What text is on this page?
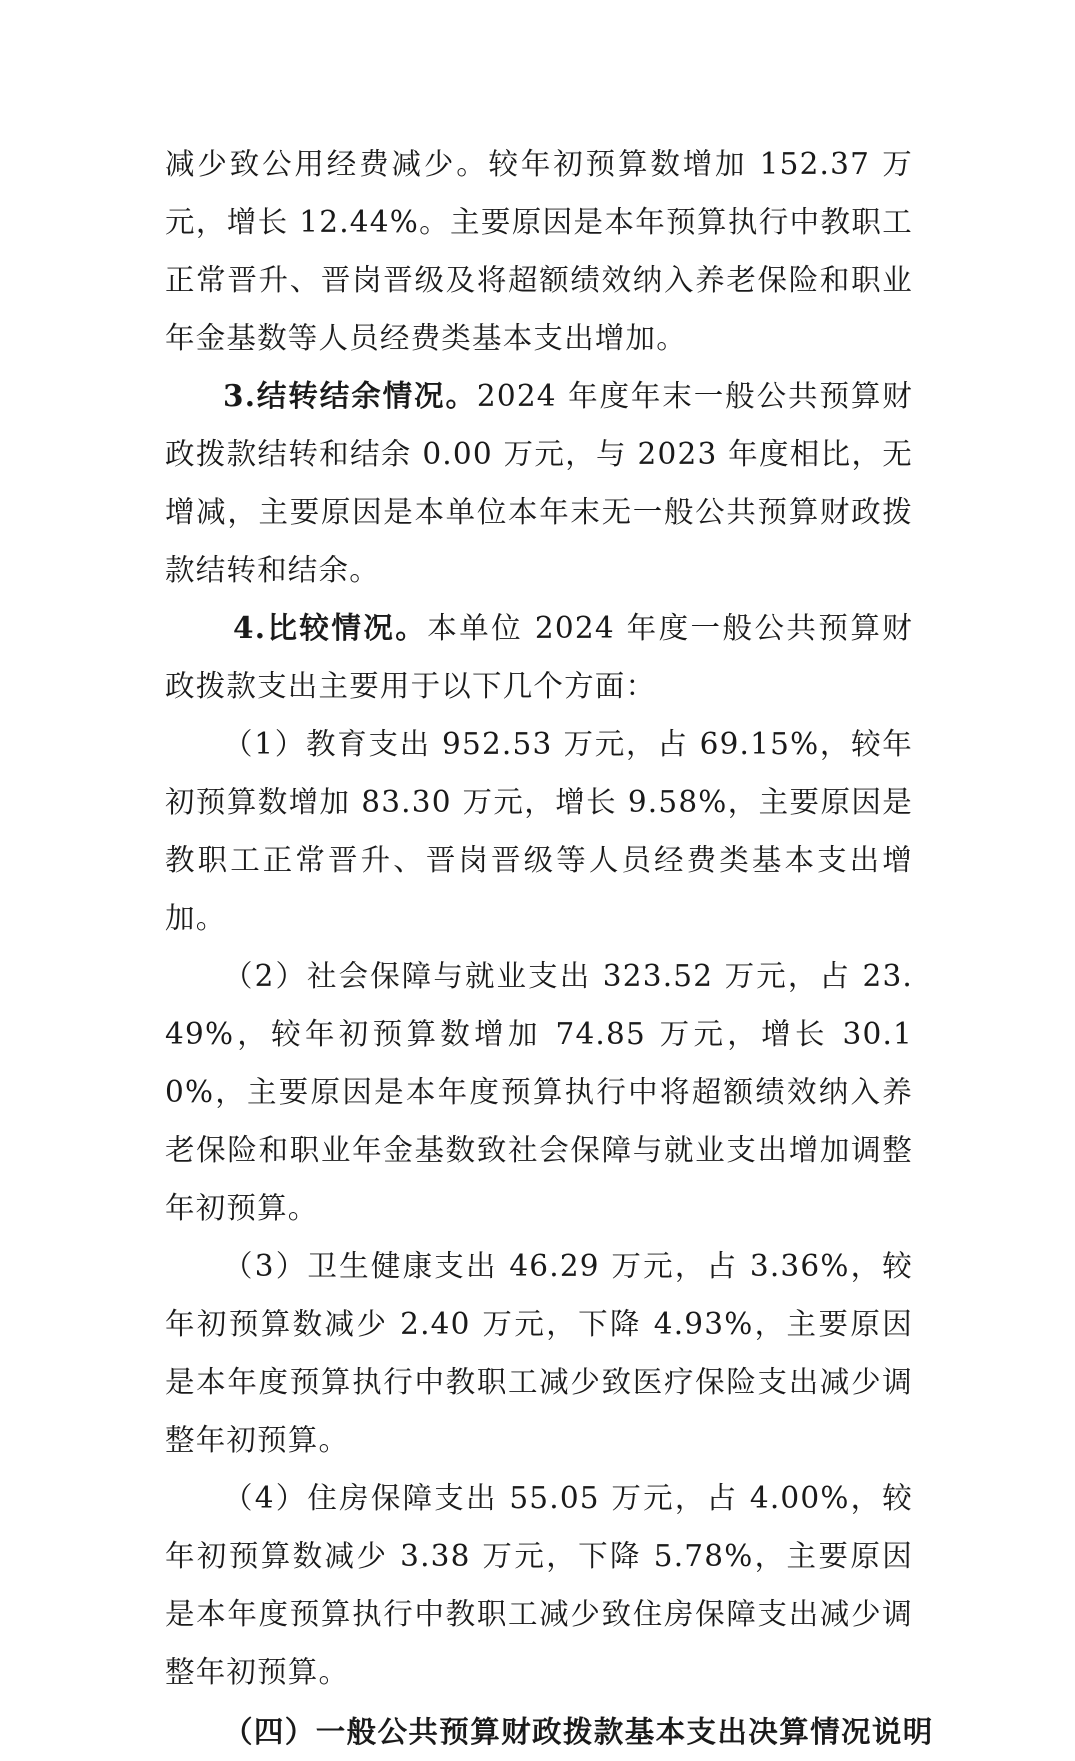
减少致公用经费减少。较年初预算数增加 152.37 万元，增长 12.44%。主要原因是本年预算执行中教职工正常晋升、晋岗晋级及将超额绩效纳入养老保险和职业年金基数等人员经费类基本支出增加。

3.结转结余情况。2024 年度年末一般公共预算财政拨款结转和结余 0.00 万元，与 2023 年度相比，无增减，主要原因是本单位本年末无一般公共预算财政拨款结转和结余。

4.比较情况。本单位 2024 年度一般公共预算财政拨款支出主要用于以下几个方面：

（1）教育支出 952.53 万元，占 69.15%，较年初预算数增加 83.30 万元，增长 9.58%，主要原因是教职工正常晋升、晋岗晋级等人员经费类基本支出增加。

（2）社会保障与就业支出 323.52 万元，占 23.49%，较年初预算数增加 74.85 万元，增长 30.10%，主要原因是本年度预算执行中将超额绩效纳入养老保险和职业年金基数致社会保障与就业支出增加调整年初预算。

（3）卫生健康支出 46.29 万元，占 3.36%，较年初预算数减少 2.40 万元，下降 4.93%，主要原因是本年度预算执行中教职工减少致医疗保险支出减少调整年初预算。

（4）住房保障支出 55.05 万元，占 4.00%，较年初预算数减少 3.38 万元，下降 5.78%，主要原因是本年度预算执行中教职工减少致住房保障支出减少调整年初预算。

（四）一般公共预算财政拨款基本支出决算情况说明
